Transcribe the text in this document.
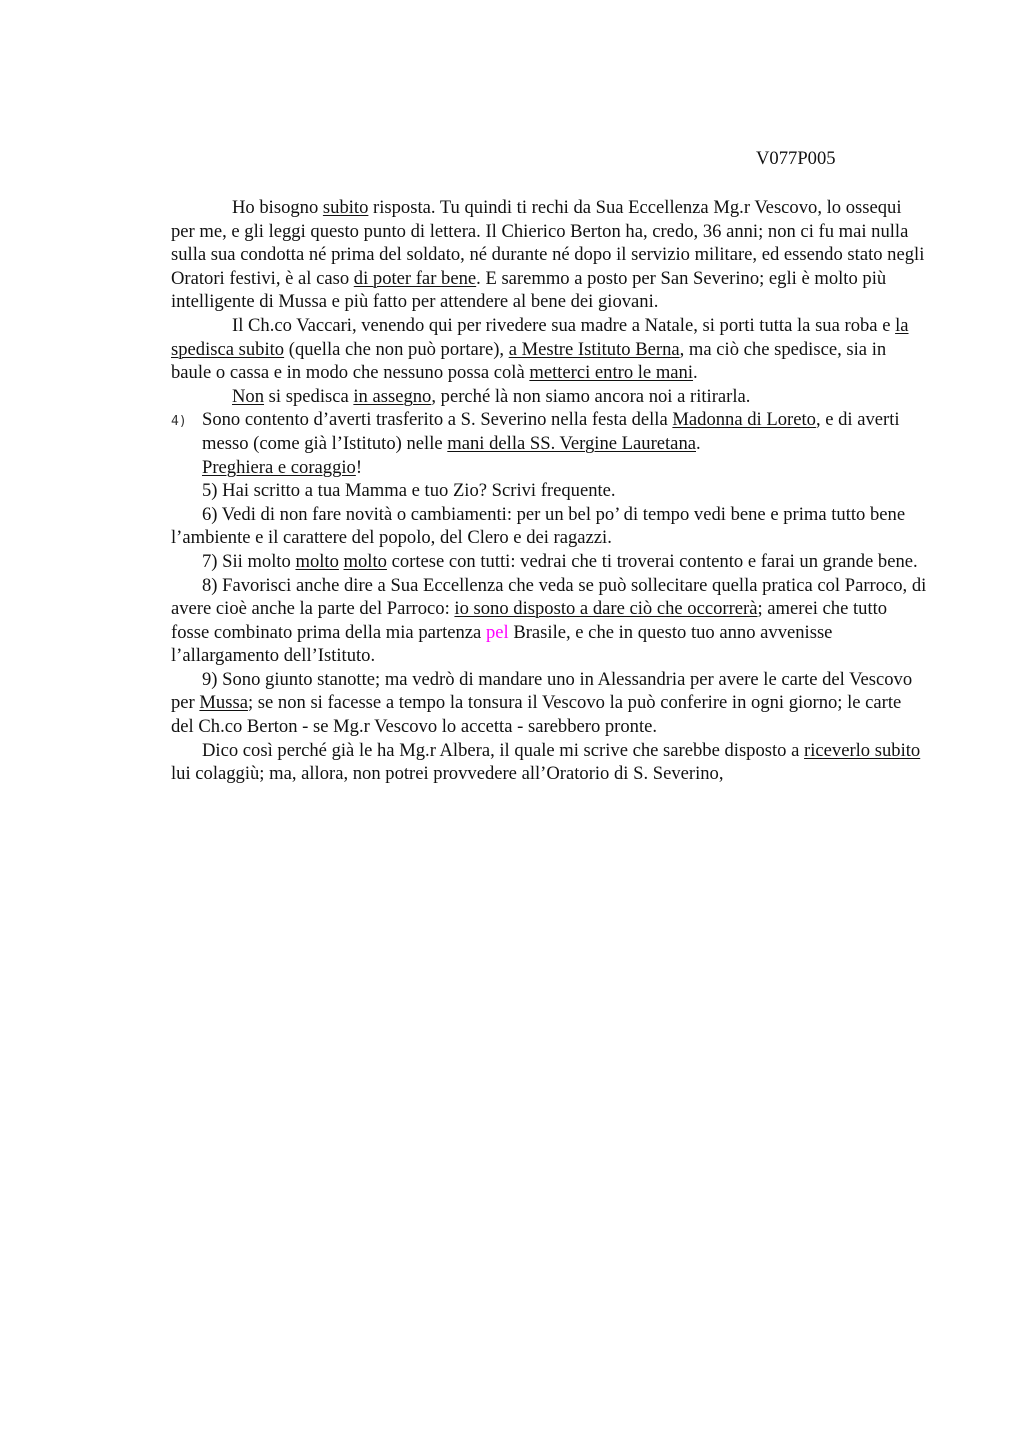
V077P005

Ho bisogno subito risposta. Tu quindi ti rechi da Sua Eccellenza Mg.r Vescovo, lo ossequi per me, e gli leggi questo punto di lettera. Il Chierico Berton ha, credo, 36 anni; non ci fu mai nulla sulla sua condotta né prima del soldato, né durante né dopo il servizio militare, ed essendo stato negli Oratori festivi, è al caso di poter far bene. E saremmo a posto per San Severino; egli è molto più intelligente di Mussa e più fatto per attendere al bene dei giovani.

Il Ch.co Vaccari, venendo qui per rivedere sua madre a Natale, si porti tutta la sua roba e la spedisca subito (quella che non può portare), a Mestre Istituto Berna, ma ciò che spedisce, sia in baule o cassa e in modo che nessuno possa colà metterci entro le mani.

Non si spedisca in assegno, perché là non siamo ancora noi a ritirarla.

4) Sono contento d’averti trasferito a S. Severino nella festa della Madonna di Loreto, e di averti messo (come già l’Istituto) nelle mani della SS. Vergine Lauretana.
Preghiera e coraggio!

5) Hai scritto a tua Mamma e tuo Zio? Scrivi frequente.

6) Vedi di non fare novità o cambiamenti: per un bel po’ di tempo vedi bene e prima tutto bene l’ambiente e il carattere del popolo, del Clero e dei ragazzi.

7) Sii molto molto molto cortese con tutti: vedrai che ti troverai contento e farai un grande bene.

8) Favorisci anche dire a Sua Eccellenza che veda se può sollecitare quella pratica col Parroco, di avere cioè anche la parte del Parroco: io sono disposto a dare ciò che occorrerà; amerei che tutto fosse combinato prima della mia partenza pel Brasile, e che in questo tuo anno avvenisse l’allargamento dell’Istituto.

9) Sono giunto stanotte; ma vedrò di mandare uno in Alessandria per avere le carte del Vescovo per Mussa; se non si facesse a tempo la tonsura il Vescovo la può conferire in ogni giorno; le carte del Ch.co Berton - se Mg.r Vescovo lo accetta - sarebbero pronte.

Dico così perché già le ha Mg.r Albera, il quale mi scrive che sarebbe disposto a riceverlo subito lui colaggiù; ma, allora, non potrei provvedere all’Oratorio di S. Severino,
